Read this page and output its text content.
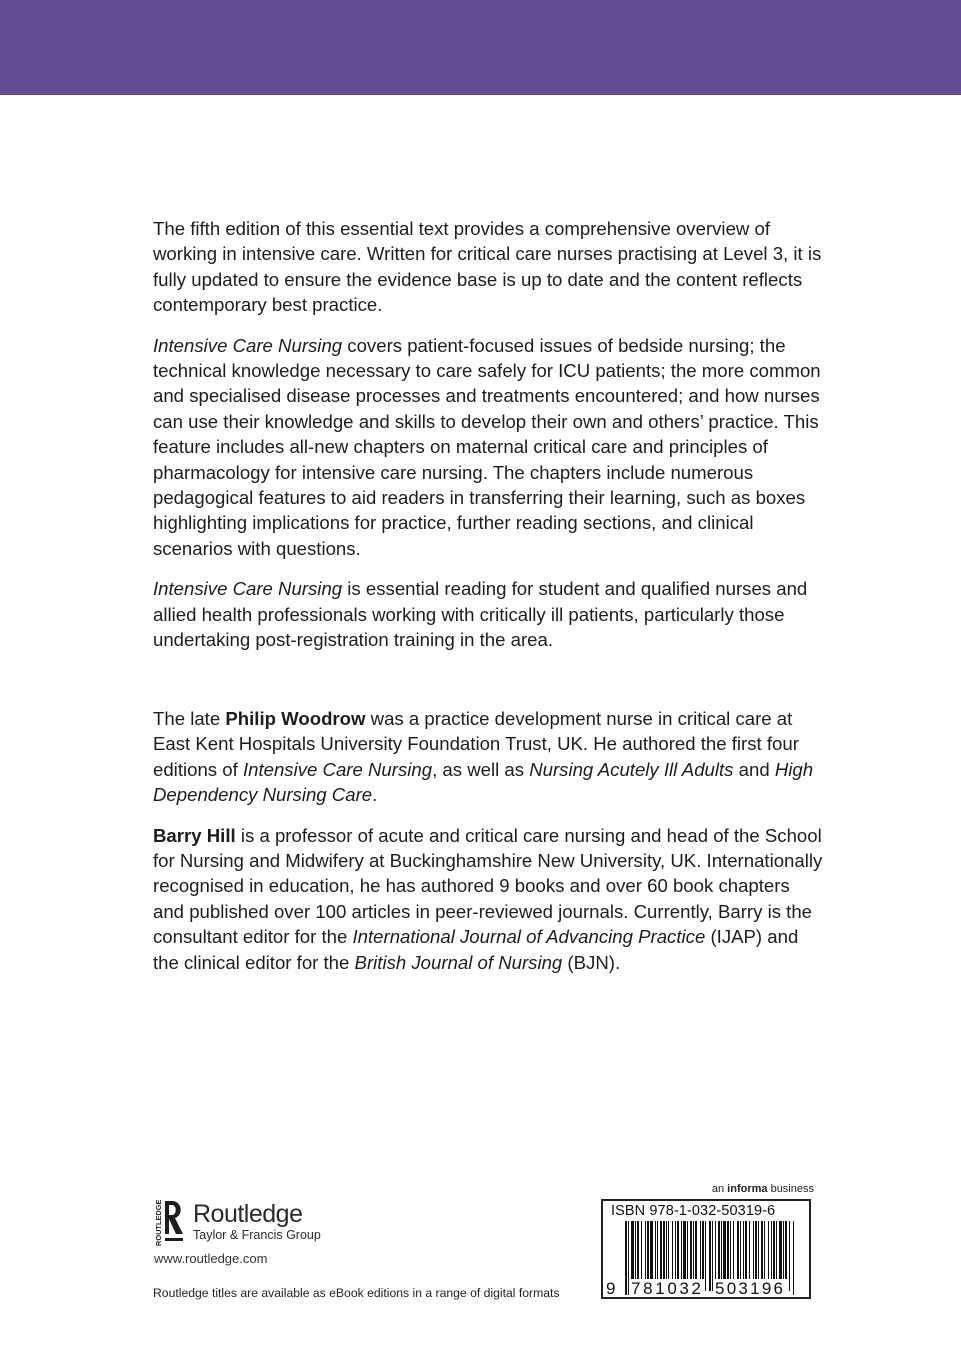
The fifth edition of this essential text provides a comprehensive overview of working in intensive care. Written for critical care nurses practising at Level 3, it is fully updated to ensure the evidence base is up to date and the content reflects contemporary best practice.

Intensive Care Nursing covers patient-focused issues of bedside nursing; the technical knowledge necessary to care safely for ICU patients; the more common and specialised disease processes and treatments encountered; and how nurses can use their knowledge and skills to develop their own and others’ practice. This feature includes all-new chapters on maternal critical care and principles of pharmacology for intensive care nursing. The chapters include numerous pedagogical features to aid readers in transferring their learning, such as boxes highlighting implications for practice, further reading sections, and clinical scenarios with questions.

Intensive Care Nursing is essential reading for student and qualified nurses and allied health professionals working with critically ill patients, particularly those undertaking post-registration training in the area.

The late Philip Woodrow was a practice development nurse in critical care at East Kent Hospitals University Foundation Trust, UK. He authored the first four editions of Intensive Care Nursing, as well as Nursing Acutely Ill Adults and High Dependency Nursing Care.

Barry Hill is a professor of acute and critical care nursing and head of the School for Nursing and Midwifery at Buckinghamshire New University, UK. Internationally recognised in education, he has authored 9 books and over 60 book chapters and published over 100 articles in peer-reviewed journals. Currently, Barry is the consultant editor for the International Journal of Advancing Practice (IJAP) and the clinical editor for the British Journal of Nursing (BJN).

ROUTLEDGE Routledge
Taylor & Francis Group
www.routledge.com
Routledge titles are available as eBook editions in a range of digital formats
an informa business
ISBN 978-1-032-50319-6
9 781032 503196
